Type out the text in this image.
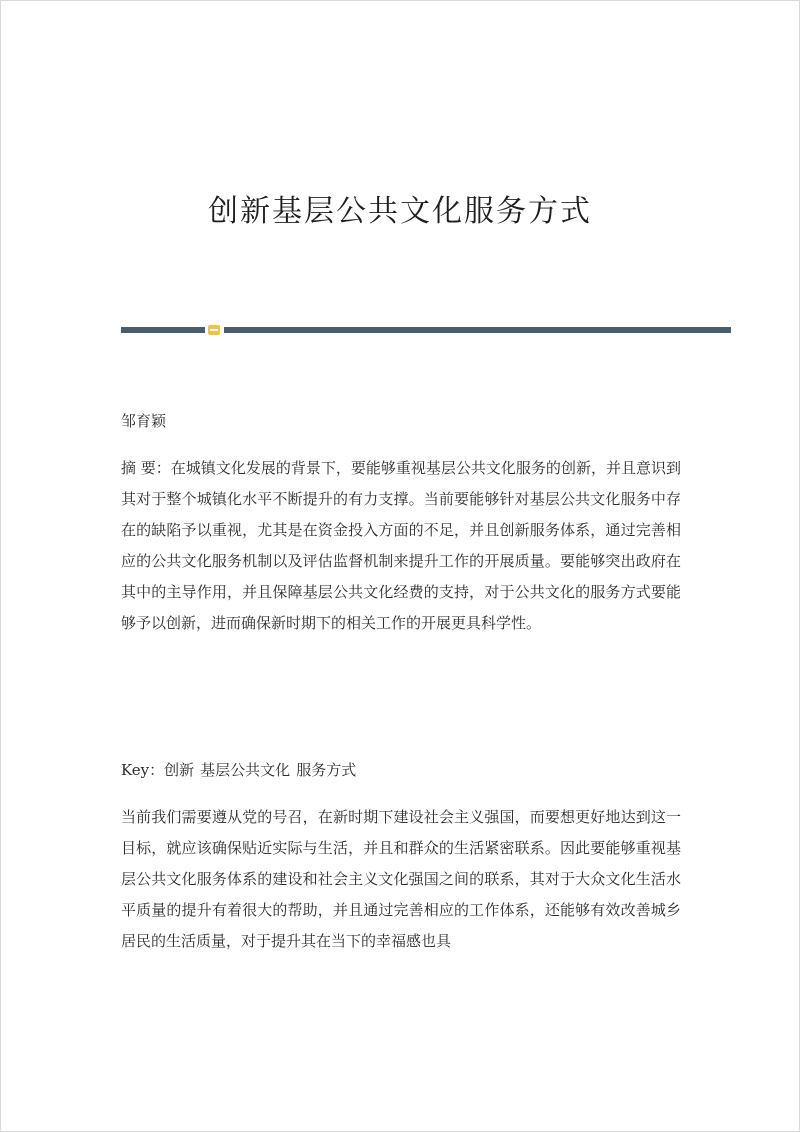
创新基层公共文化服务方式

邹育颖

摘 要：在城镇文化发展的背景下，要能够重视基层公共文化服务的创新，并且意识到其对于整个城镇化水平不断提升的有力支撑。当前要能够针对基层公共文化服务中存在的缺陷予以重视，尤其是在资金投入方面的不足，并且创新服务体系，通过完善相应的公共文化服务机制以及评估监督机制来提升工作的开展质量。要能够突出政府在其中的主导作用，并且保障基层公共文化经费的支持，对于公共文化的服务方式要能够予以创新，进而确保新时期下的相关工作的开展更具科学性。

Key：创新 基层公共文化 服务方式

当前我们需要遵从党的号召，在新时期下建设社会主义强国，而要想更好地达到这一目标，就应该确保贴近实际与生活，并且和群众的生活紧密联系。因此要能够重视基层公共文化服务体系的建设和社会主义文化强国之间的联系，其对于大众文化生活水平质量的提升有着很大的帮助，并且通过完善相应的工作体系，还能够有效改善城乡居民的生活质量，对于提升其在当下的幸福感也具
